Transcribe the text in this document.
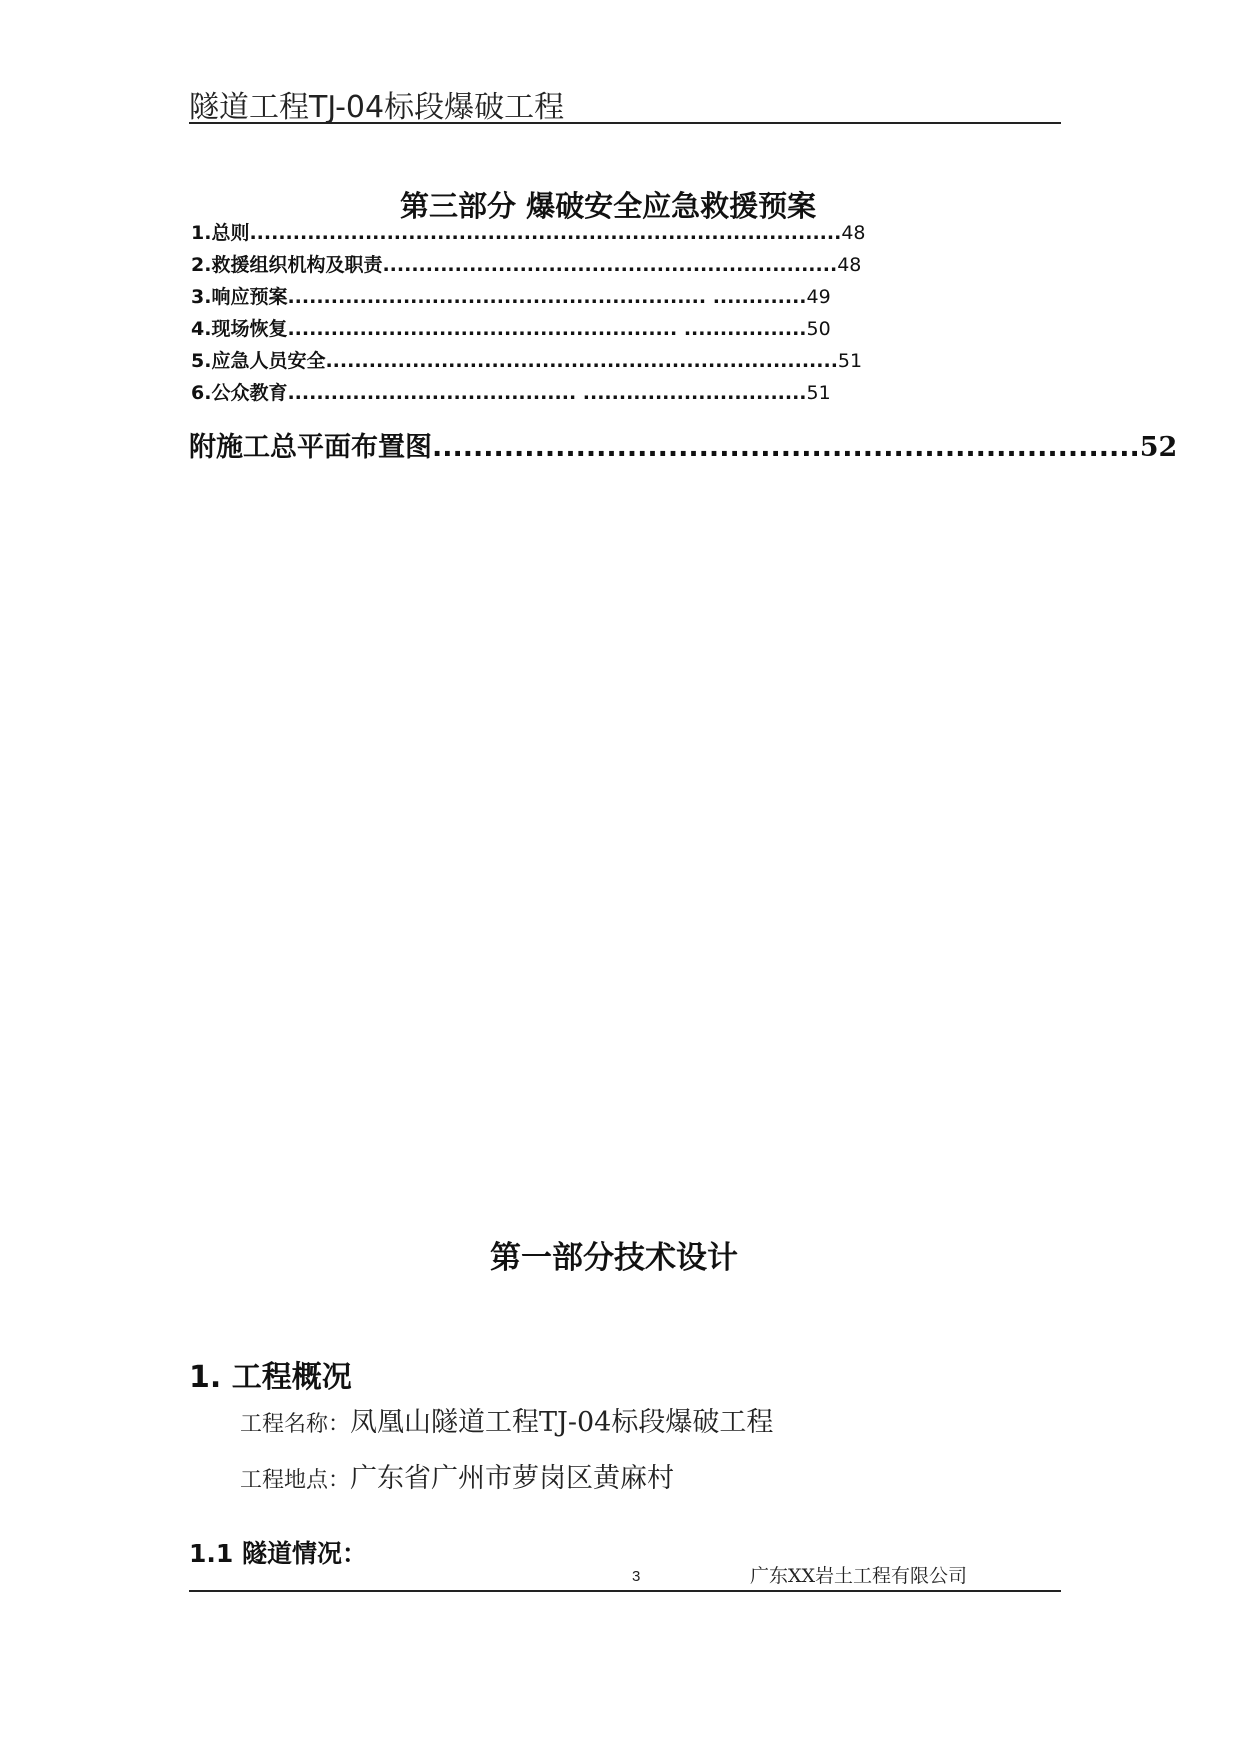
隧道工程TJ-04标段爆破工程
第三部分 爆破安全应急救援预案
1.总则..................................................................................48
2.救援组织机构及职责...............................................................48
3.响应预案.......................................................... .............49
4.现场恢复...................................................... .................50
5.应急人员安全.......................................................................51
6.公众教育........................................ ...............................51
附施工总平面布置图.....................................................................52
第一部分技术设计
1. 工程概况
工程名称：凤凰山隧道工程TJ-04标段爆破工程
工程地点：广东省广州市萝岗区黄麻村
1.1 隧道情况：
3	广东XX岩土工程有限公司
